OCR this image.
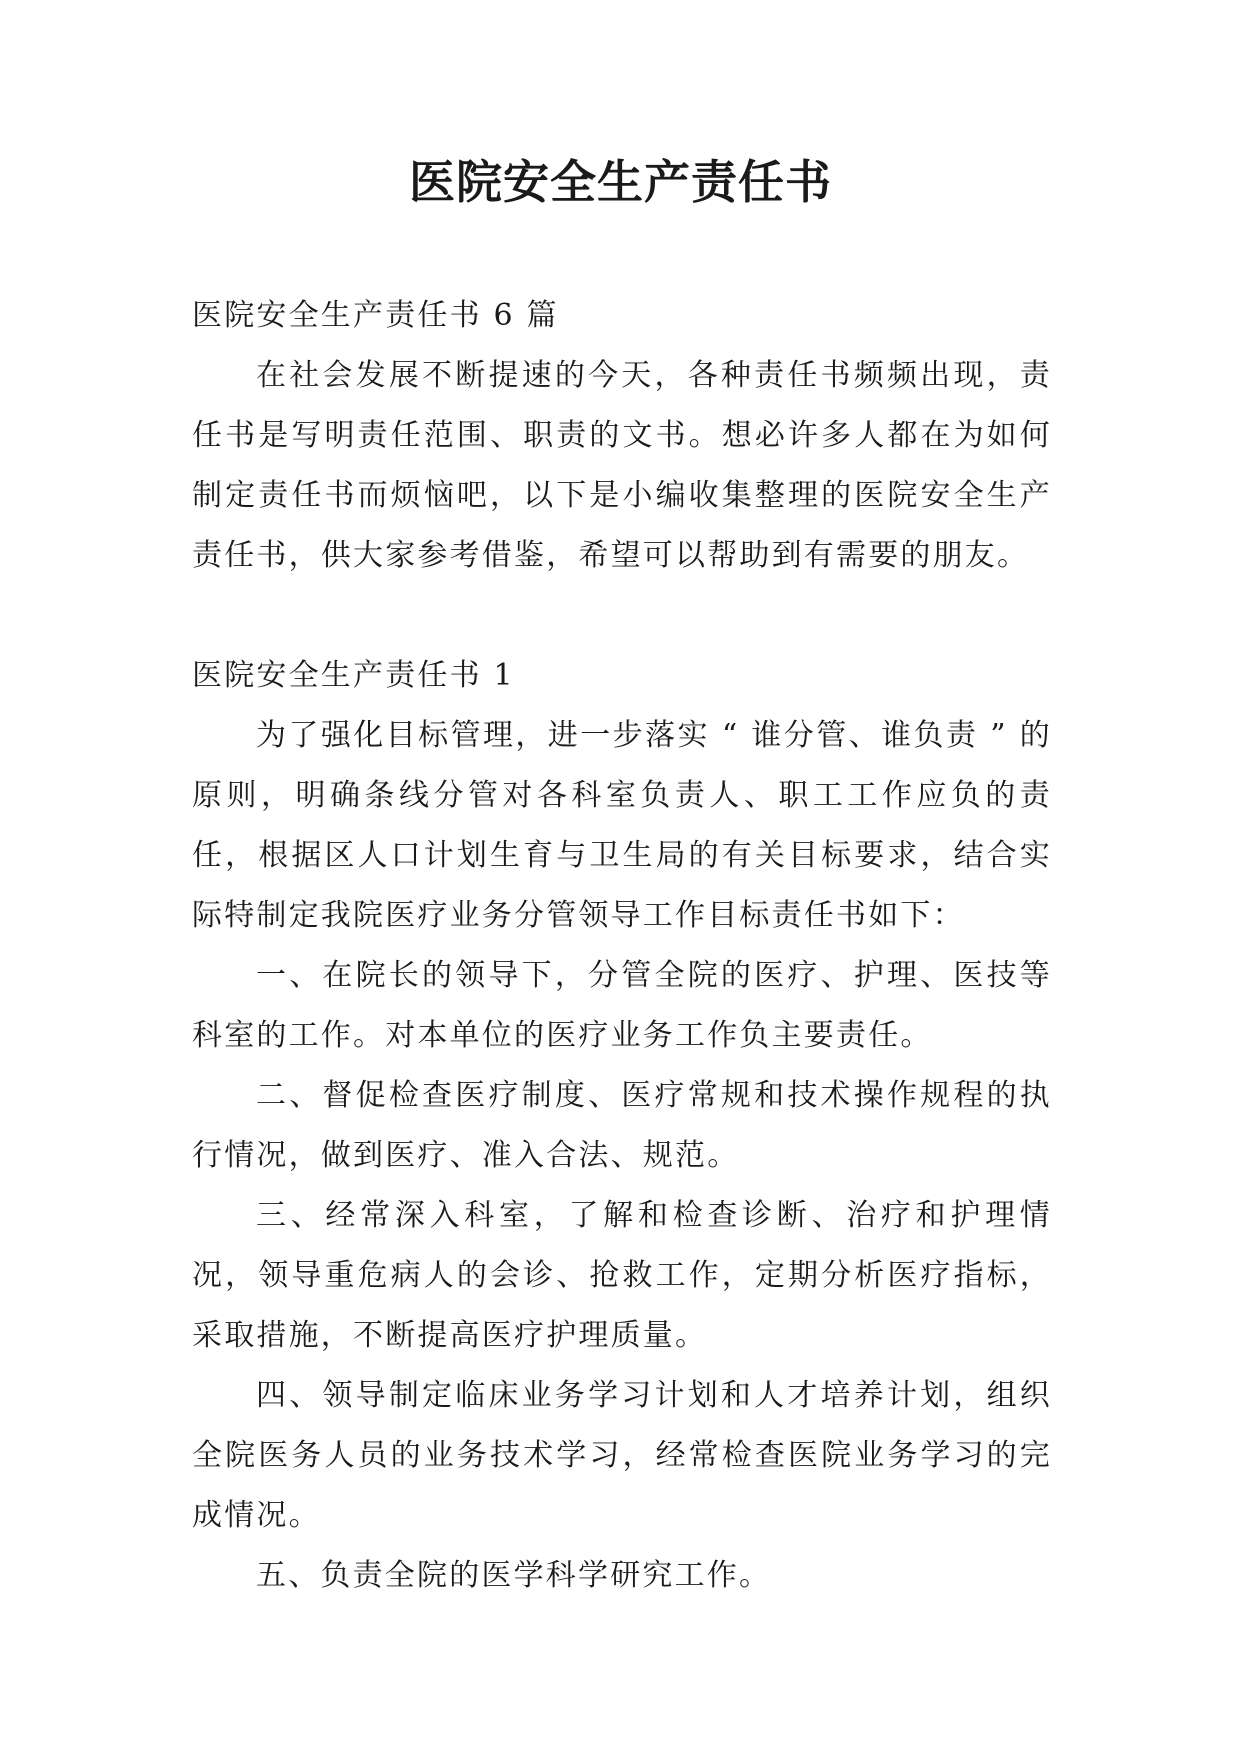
医院安全生产责任书

医院安全生产责任书 6 篇

在社会发展不断提速的今天，各种责任书频频出现，责任书是写明责任范围、职责的文书。想必许多人都在为如何制定责任书而烦恼吧，以下是小编收集整理的医院安全生产责任书，供大家参考借鉴，希望可以帮助到有需要的朋友。

医院安全生产责任书 1

为了强化目标管理，进一步落实 “ 谁分管、谁负责 ” 的原则，明确条线分管对各科室负责人、职工工作应负的责任，根据区人口计划生育与卫生局的有关目标要求，结合实际特制定我院医疗业务分管领导工作目标责任书如下：

一、在院长的领导下，分管全院的医疗、护理、医技等科室的工作。对本单位的医疗业务工作负主要责任。

二、督促检查医疗制度、医疗常规和技术操作规程的执行情况，做到医疗、准入合法、规范。

三、经常深入科室，了解和检查诊断、治疗和护理情况，领导重危病人的会诊、抢救工作，定期分析医疗指标，采取措施，不断提高医疗护理质量。

四、领导制定临床业务学习计划和人才培养计划，组织全院医务人员的业务技术学习，经常检查医院业务学习的完成情况。

五、负责全院的医学科学研究工作。
